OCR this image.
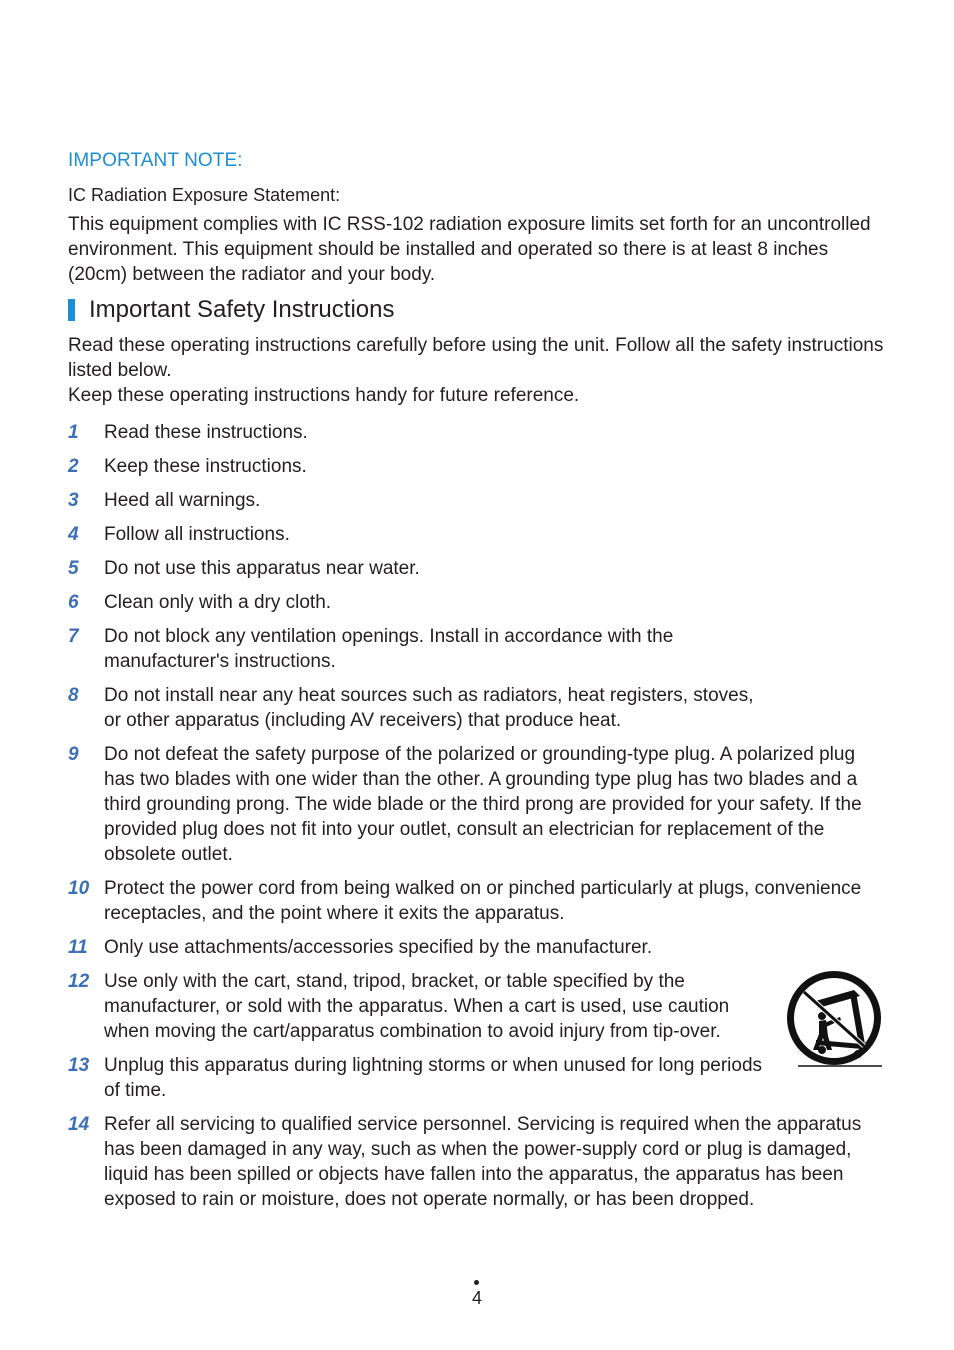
IMPORTANT NOTE:
IC Radiation Exposure Statement:
This equipment complies with IC RSS-102 radiation exposure limits set forth for an uncontrolled environment. This equipment should be installed and operated so there is at least 8 inches (20cm) between the radiator and your body.
Important Safety Instructions

Read these operating instructions carefully before using the unit. Follow all the safety instructions listed below.

Keep these operating instructions handy for future reference.

1	Read these instructions.
2	Keep these instructions.
3	Heed all warnings.
4	Follow all instructions.
5	Do not use this apparatus near water.
6	Clean only with a dry cloth.
7	Do not block any ventilation openings. Install in accordance with the manufacturer's instructions.
8	Do not install near any heat sources such as radiators, heat registers, stoves, or other apparatus (including AV receivers) that produce heat.
9	Do not defeat the safety purpose of the polarized or grounding-type plug. A polarized plug has two blades with one wider than the other. A grounding type plug has two blades and a third grounding prong. The wide blade or the third prong are provided for your safety. If the provided plug does not fit into your outlet, consult an electrician for replacement of the obsolete outlet.
10 Protect the power cord from being walked on or pinched particularly at plugs, convenience receptacles, and the point where it exits the apparatus.
11 Only use attachments/accessories specified by the manufacturer.
12 Use only with the cart, stand, tripod, bracket, or table specified by the manufacturer, or sold with the apparatus. When a cart is used, use caution when moving the cart/apparatus combination to avoid injury from tip-over.
13 Unplug this apparatus during lightning storms or when unused for long periods of time.
14 Refer all servicing to qualified service personnel. Servicing is required when the apparatus has been damaged in any way, such as when the power-supply cord or plug is damaged, liquid has been spilled or objects have fallen into the apparatus, the apparatus has been exposed to rain or moisture, does not operate normally, or has been dropped.
4
